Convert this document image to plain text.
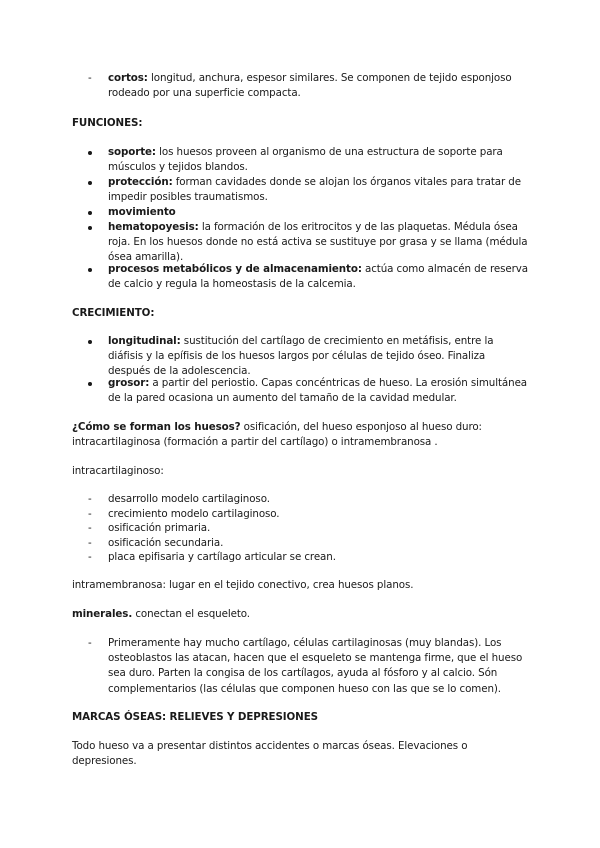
- cortos: longitud, anchura, espesor similares. Se componen de tejido esponjoso rodeado por una superficie compacta.
FUNCIONES:
soporte: los huesos proveen al organismo de una estructura de soporte para músculos y tejidos blandos.
protección: forman cavidades donde se alojan los órganos vitales para tratar de impedir posibles traumatismos.
movimiento
hematopoyesis: la formación de los eritrocitos y de las plaquetas. Médula ósea roja. En los huesos donde no está activa se sustituye por grasa y se llama (médula ósea amarilla).
procesos metabólicos y de almacenamiento: actúa como almacén de reserva de calcio y regula la homeostasis de la calcemia.
CRECIMIENTO:
longitudinal: sustitución del cartílago de crecimiento en metáfisis, entre la diáfisis y la epífisis de los huesos largos por células de tejido óseo. Finaliza después de la adolescencia.
grosor: a partir del periostio. Capas concéntricas de hueso. La erosión simultánea de la pared ocasiona un aumento del tamaño de la cavidad medular.
¿Cómo se forman los huesos? osificación, del hueso esponjoso al hueso duro: intracartilaginosa (formación a partir del cartílago) o intramembranosa .
intracartilaginoso:
- desarrollo modelo cartilaginoso.
- crecimiento modelo cartilaginoso.
- osificación primaria.
- osificación secundaria.
- placa epifisaria y cartílago articular se crean.
intramembranosa: lugar en el tejido conectivo, crea huesos planos.
minerales. conectan el esqueleto.
- Primeramente hay mucho cartílago, células cartilaginosas (muy blandas). Los osteoblastos las atacan, hacen que el esqueleto se mantenga firme, que el hueso sea duro. Parten la congisa de los cartílagos, ayuda al fósforo y al calcio. Són complementarios (las células que componen hueso con las que se lo comen).
MARCAS ÓSEAS: RELIEVES Y DEPRESIONES
Todo hueso va a presentar distintos accidentes o marcas óseas. Elevaciones o depresiones.
